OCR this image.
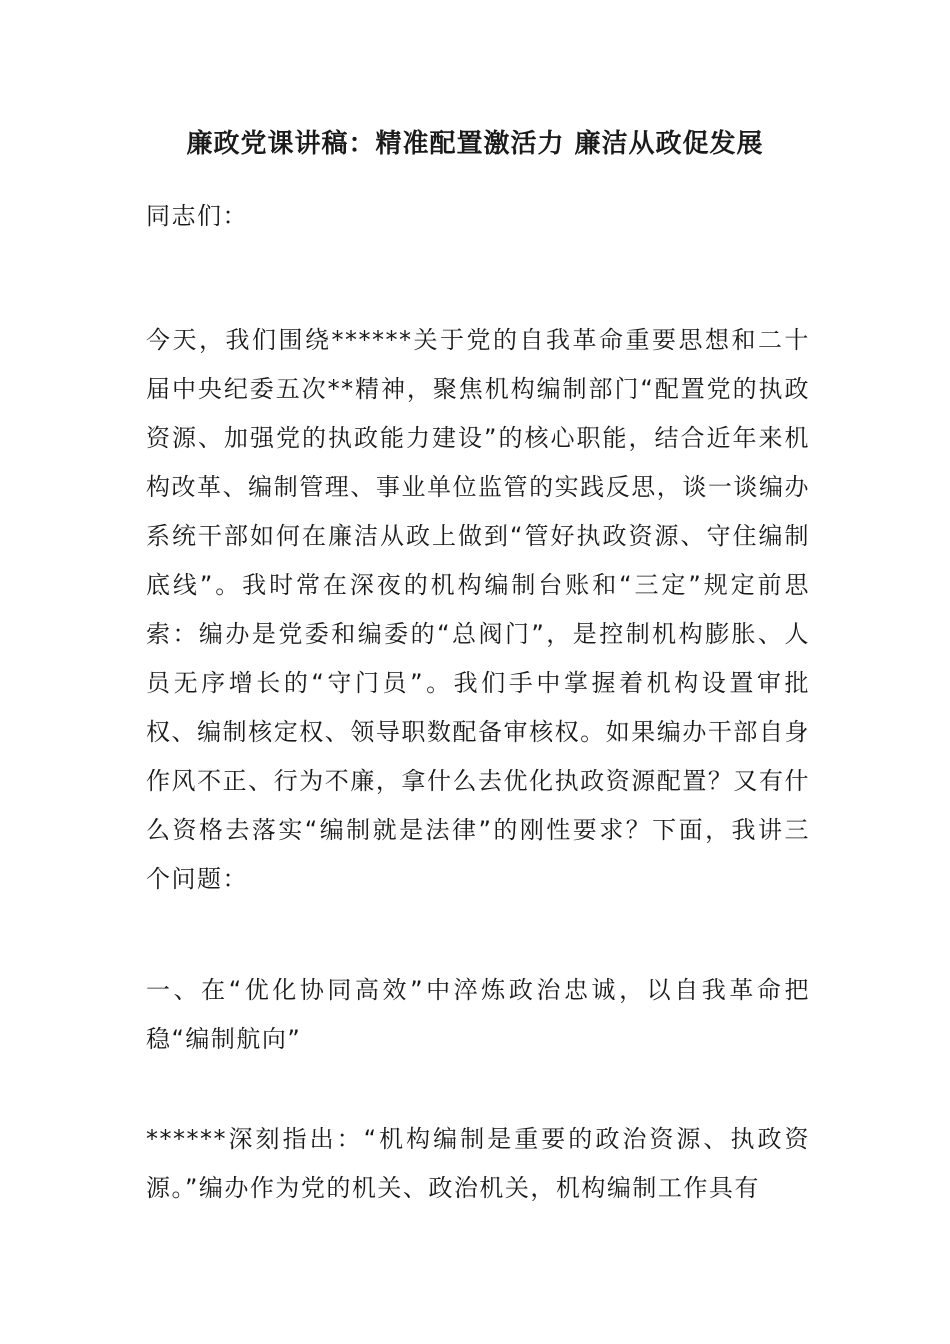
廉政党课讲稿：精准配置激活力 廉洁从政促发展

同志们：

今天，我们围绕******关于党的自我革命重要思想和二十届中央纪委五次**精神，聚焦机构编制部门“配置党的执政资源、加强党的执政能力建设”的核心职能，结合近年来机构改革、编制管理、事业单位监管的实践反思，谈一谈编办系统干部如何在廉洁从政上做到“管好执政资源、守住编制底线”。我时常在深夜的机构编制台账和“三定”规定前思索：编办是党委和编委的“总阀门”，是控制机构膨胀、人员无序增长的“守门员”。我们手中掌握着机构设置审批权、编制核定权、领导职数配备审核权。如果编办干部自身作风不正、行为不廉，拿什么去优化执政资源配置？又有什么资格去落实“编制就是法律”的刚性要求？下面，我讲三个问题：

一、在“优化协同高效”中淬炼政治忠诚，以自我革命把稳“编制航向”

******深刻指出：“机构编制是重要的政治资源、执政资源。”编办作为党的机关、政治机关，机构编制工作具有
